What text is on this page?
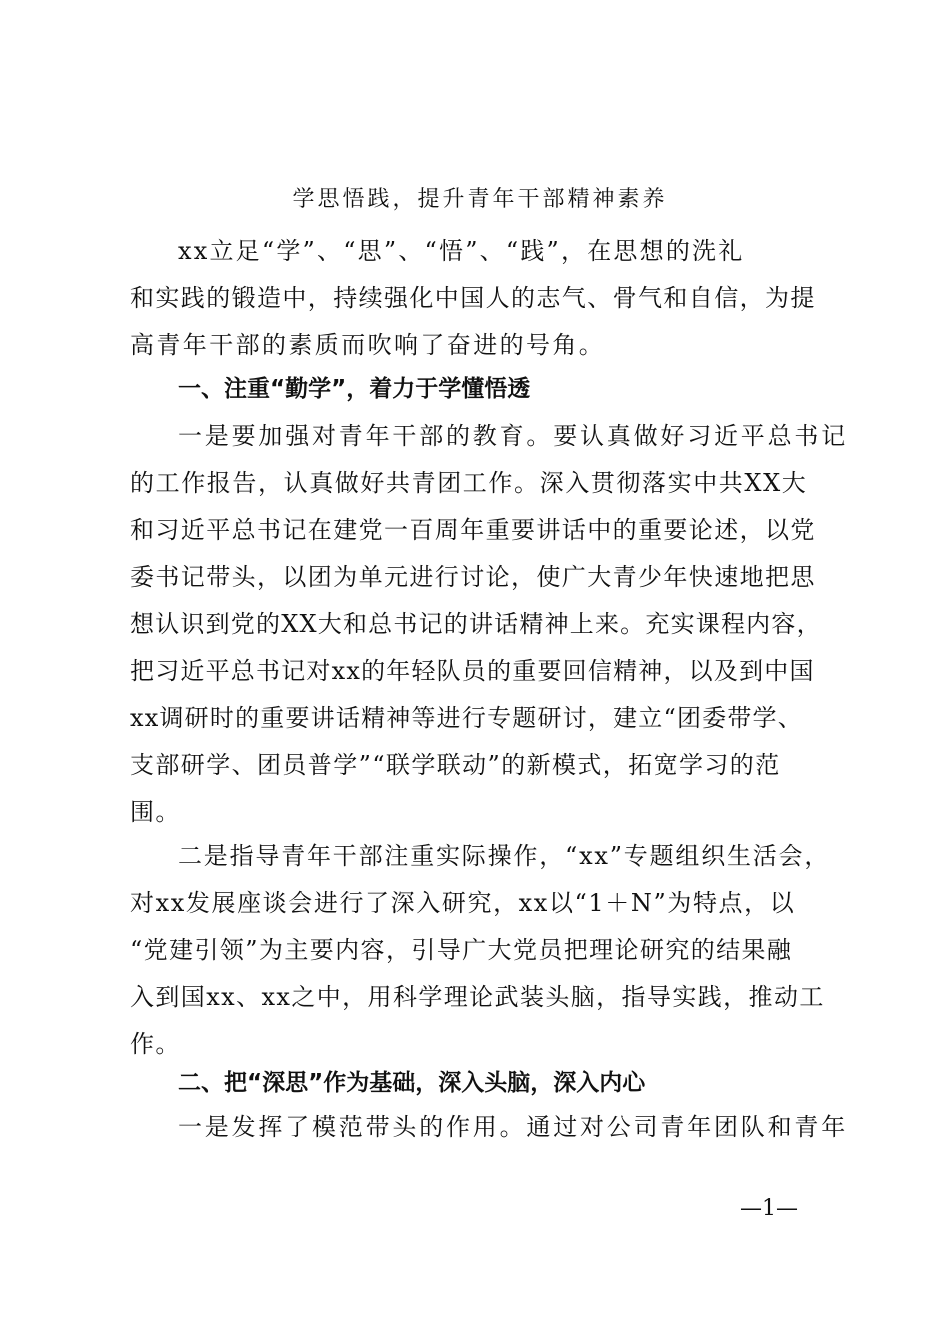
学思悟践，提升青年干部精神素养
xx立足“学”、“思”、“悟”、“践”，在思想的洗礼
和实践的锻造中，持续强化中国人的志气、骨气和自信，为提
高青年干部的素质而吹响了奋进的号角。
一、注重“勤学”，着力于学懂悟透
一是要加强对青年干部的教育。要认真做好习近平总书记
的工作报告，认真做好共青团工作。深入贯彻落实中共XX大
和习近平总书记在建党一百周年重要讲话中的重要论述，以党
委书记带头，以团为单元进行讨论，使广大青少年快速地把思
想认识到党的XX大和总书记的讲话精神上来。充实课程内容，
把习近平总书记对xx的年轻队员的重要回信精神，以及到中国
xx调研时的重要讲话精神等进行专题研讨，建立“团委带学、
支部研学、团员普学”“联学联动”的新模式，拓宽学习的范
围。
二是指导青年干部注重实际操作，“xx”专题组织生活会，
对xx发展座谈会进行了深入研究，xx以“1＋N”为特点，以
“党建引领”为主要内容，引导广大党员把理论研究的结果融
入到国xx、xx之中，用科学理论武装头脑，指导实践，推动工
作。
二、把“深思”作为基础，深入头脑，深入内心
一是发挥了模范带头的作用。通过对公司青年团队和青年
—1—
